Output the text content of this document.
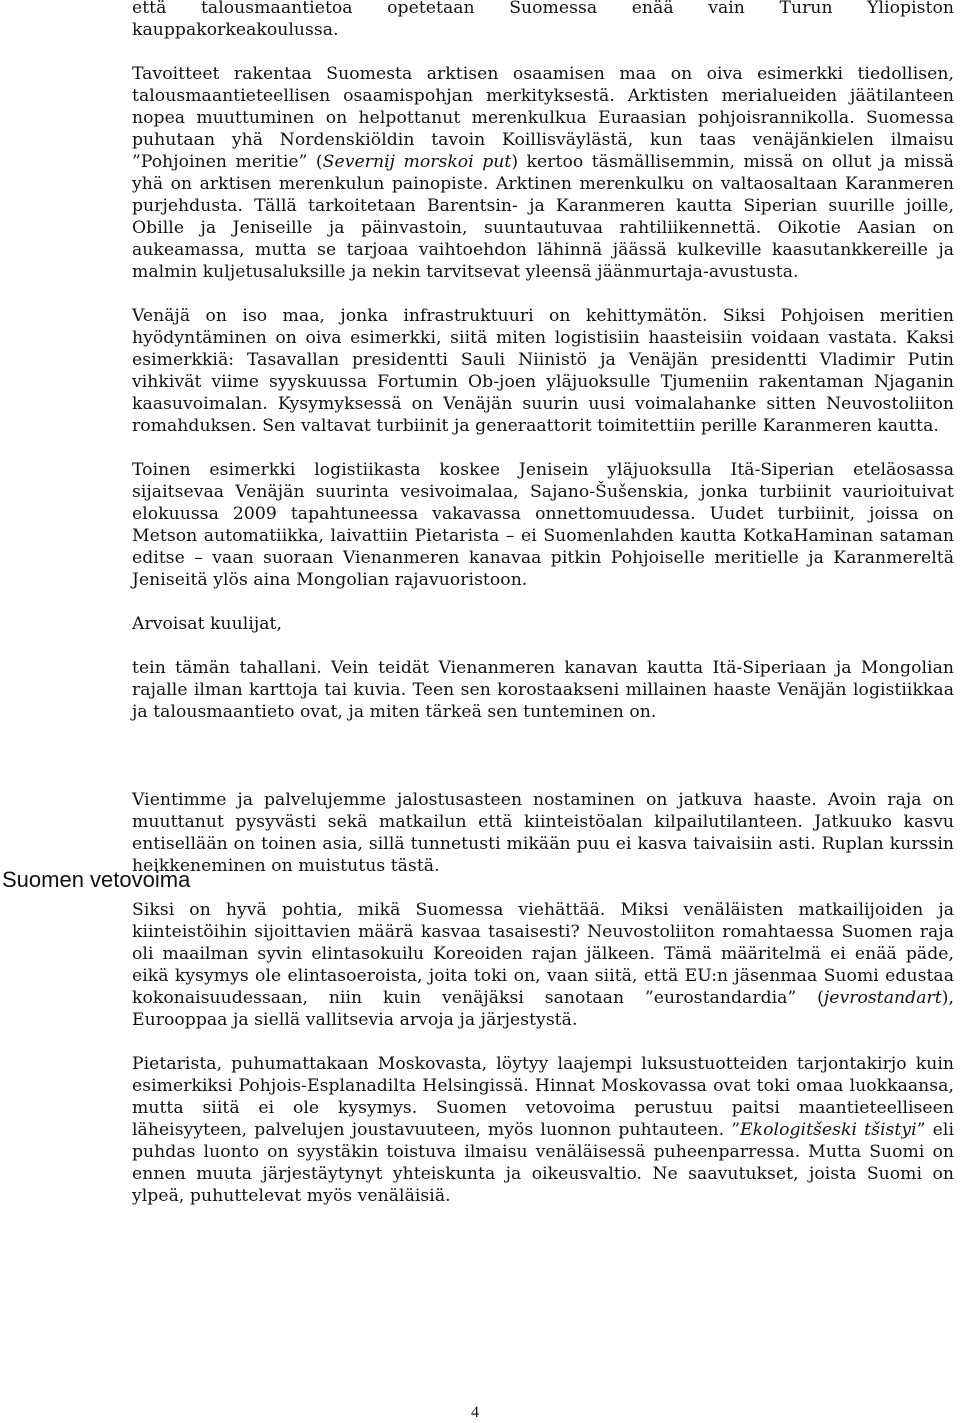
että talousmaantietoa opetetaan Suomessa enää vain Turun Yliopiston kauppakorkeakoulussa.

Tavoitteet rakentaa Suomesta arktisen osaamisen maa on oiva esimerkki tiedollisen, talousmaantieteellisen osaamispohjan merkityksestä. Arktisten merialueiden jäätilanteen nopea muuttuminen on helpottanut merenkulkua Euraasian pohjoisrannikolla. Suomessa puhutaan yhä Nordenskiöldin tavoin Koillisväylästä, kun taas venäjänkielen ilmaisu ”Pohjoinen meritie” (Severnij morskoi put) kertoo täsmällisemmin, missä on ollut ja missä yhä on arktisen merenkulun painopiste. Arktinen merenkulku on valtaosaltaan Karanmeren purjehdusta. Tällä tarkoitetaan Barentsin- ja Karanmeren kautta Siperian suurille joille, Obille ja Jeniseille ja päinvastoin, suuntautuvaa rahtiliikennettä. Oikotie Aasian on aukeamassa, mutta se tarjoaa vaihtoehdon lähinnä jäässä kulkeville kaasutankkereille ja malmin kuljetusaluksille ja nekin tarvitsevat yleensä jäänmurtaja-avustusta.

Venäjä on iso maa, jonka infrastruktuuri on kehittymätön. Siksi Pohjoisen meritien hyödyntäminen on oiva esimerkki, siitä miten logistisiin haasteisiin voidaan vastata. Kaksi esimerkkiä: Tasavallan presidentti Sauli Niinistö ja Venäjän presidentti Vladimir Putin vihkivät viime syyskuussa Fortumin Ob-joen yläjuoksulle Tjumeniin rakentaman Njaganin kaasuvoimalan. Kysymyksessä on Venäjän suurin uusi voimalahanke sitten Neuvostoliiton romahduksen. Sen valtavat turbiinit ja generaattorit toimitettiin perille Karanmeren kautta.

Toinen esimerkki logistiikasta koskee Jenisein yläjuoksulla Itä-Siperian eteläosassa sijaitsevaa Venäjän suurinta vesivoimalaa, Sajano-Šušenskia, jonka turbiinit vaurioituivat elokuussa 2009 tapahtuneessa vakavassa onnettomuudessa. Uudet turbiinit, joissa on Metson automatiikka, laivattiin Pietarista – ei Suomenlahden kautta KotkaHaminan sataman editse – vaan suoraan Vienanmeren kanavaa pitkin Pohjoiselle meritielle ja Karanmereltä Jeniseitä ylös aina Mongolian rajavuoristoon.

Arvoisat kuulijat,

tein tämän tahallani. Vein teidät Vienanmeren kanavan kautta Itä-Siperiaan ja Mongolian rajalle ilman karttoja tai kuvia. Teen sen korostaakseni millainen haaste Venäjän logistiikkaa ja talousmaantieto ovat, ja miten tärkeä sen tunteminen on.

Vientimme ja palvelujemme jalostusasteen nostaminen on jatkuva haaste. Avoin raja on muuttanut pysyvästi sekä matkailun että kiinteistöalan kilpailutilanteen. Jatkuuko kasvu entisellään on toinen asia, sillä tunnetusti mikään puu ei kasva taivaisiin asti. Ruplan kurssin heikkeneminen on muistutus tästä.

Siksi on hyvä pohtia, mikä Suomessa viehättää. Miksi venäläisten matkailijoiden ja kiinteistöihin sijoittavien määrä kasvaa tasaisesti? Neuvostoliiton romahtaessa Suomen raja oli maailman syvin elintasokuilu Koreoiden rajan jälkeen. Tämä määritelmä ei enää päde, eikä kysymys ole elintasoeroista, joita toki on, vaan siitä, että EU:n jäsenmaa Suomi edustaa kokonaisuudessaan, niin kuin venäjäksi sanotaan ”eurostandardia” (jevrostandart), Eurooppaa ja siellä vallitsevia arvoja ja järjestystä.

Pietarista, puhumattakaan Moskovasta, löytyy laajempi luksustuotteiden tarjontakirjo kuin esimerkiksi Pohjois-Esplanadilta Helsingissä. Hinnat Moskovassa ovat toki omaa luokkaansa, mutta siitä ei ole kysymys. Suomen vetovoima perustuu paitsi maantieteelliseen läheisyyteen, palvelujen joustavuuteen, myös luonnon puhtauteen. ”Ekologitšeski tšistyi” eli puhdas luonto on syystäkin toistuva ilmaisu venäläisessä puheenparressa. Mutta Suomi on ennen muuta järjestäytynyt yhteiskunta ja oikeusvaltio. Ne saavutukset, joista Suomi on ylpeä, puhuttelevat myös venäläisiä.

Suomen vetovoima
4
